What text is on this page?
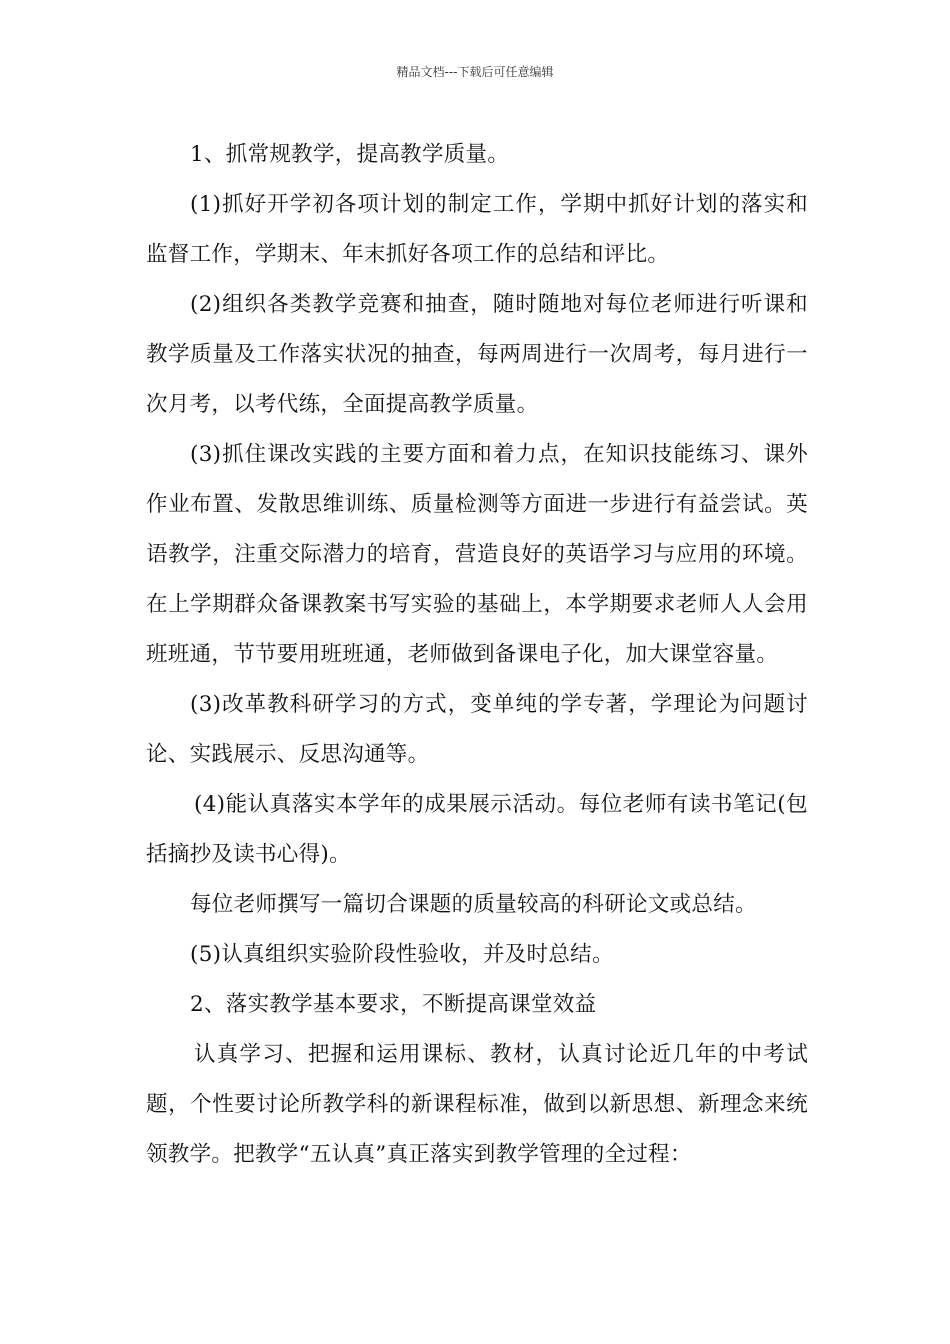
精品文档---下载后可任意编辑

1、抓常规教学，提高教学质量。

(1)抓好开学初各项计划的制定工作，学期中抓好计划的落实和监督工作，学期末、年末抓好各项工作的总结和评比。

(2)组织各类教学竞赛和抽查，随时随地对每位老师进行听课和教学质量及工作落实状况的抽查，每两周进行一次周考，每月进行一次月考，以考代练，全面提高教学质量。

(3)抓住课改实践的主要方面和着力点，在知识技能练习、课外作业布置、发散思维训练、质量检测等方面进一步进行有益尝试。英语教学，注重交际潜力的培育，营造良好的英语学习与应用的环境。在上学期群众备课教案书写实验的基础上，本学期要求老师人人会用班班通，节节要用班班通，老师做到备课电子化，加大课堂容量。

(3)改革教科研学习的方式，变单纯的学专著，学理论为问题讨论、实践展示、反思沟通等。

(4)能认真落实本学年的成果展示活动。每位老师有读书笔记(包括摘抄及读书心得)。

每位老师撰写一篇切合课题的质量较高的科研论文或总结。

(5)认真组织实验阶段性验收，并及时总结。

2、落实教学基本要求，不断提高课堂效益

认真学习、把握和运用课标、教材，认真讨论近几年的中考试题，个性要讨论所教学科的新课程标准，做到以新思想、新理念来统领教学。把教学“五认真”真正落实到教学管理的全过程：
